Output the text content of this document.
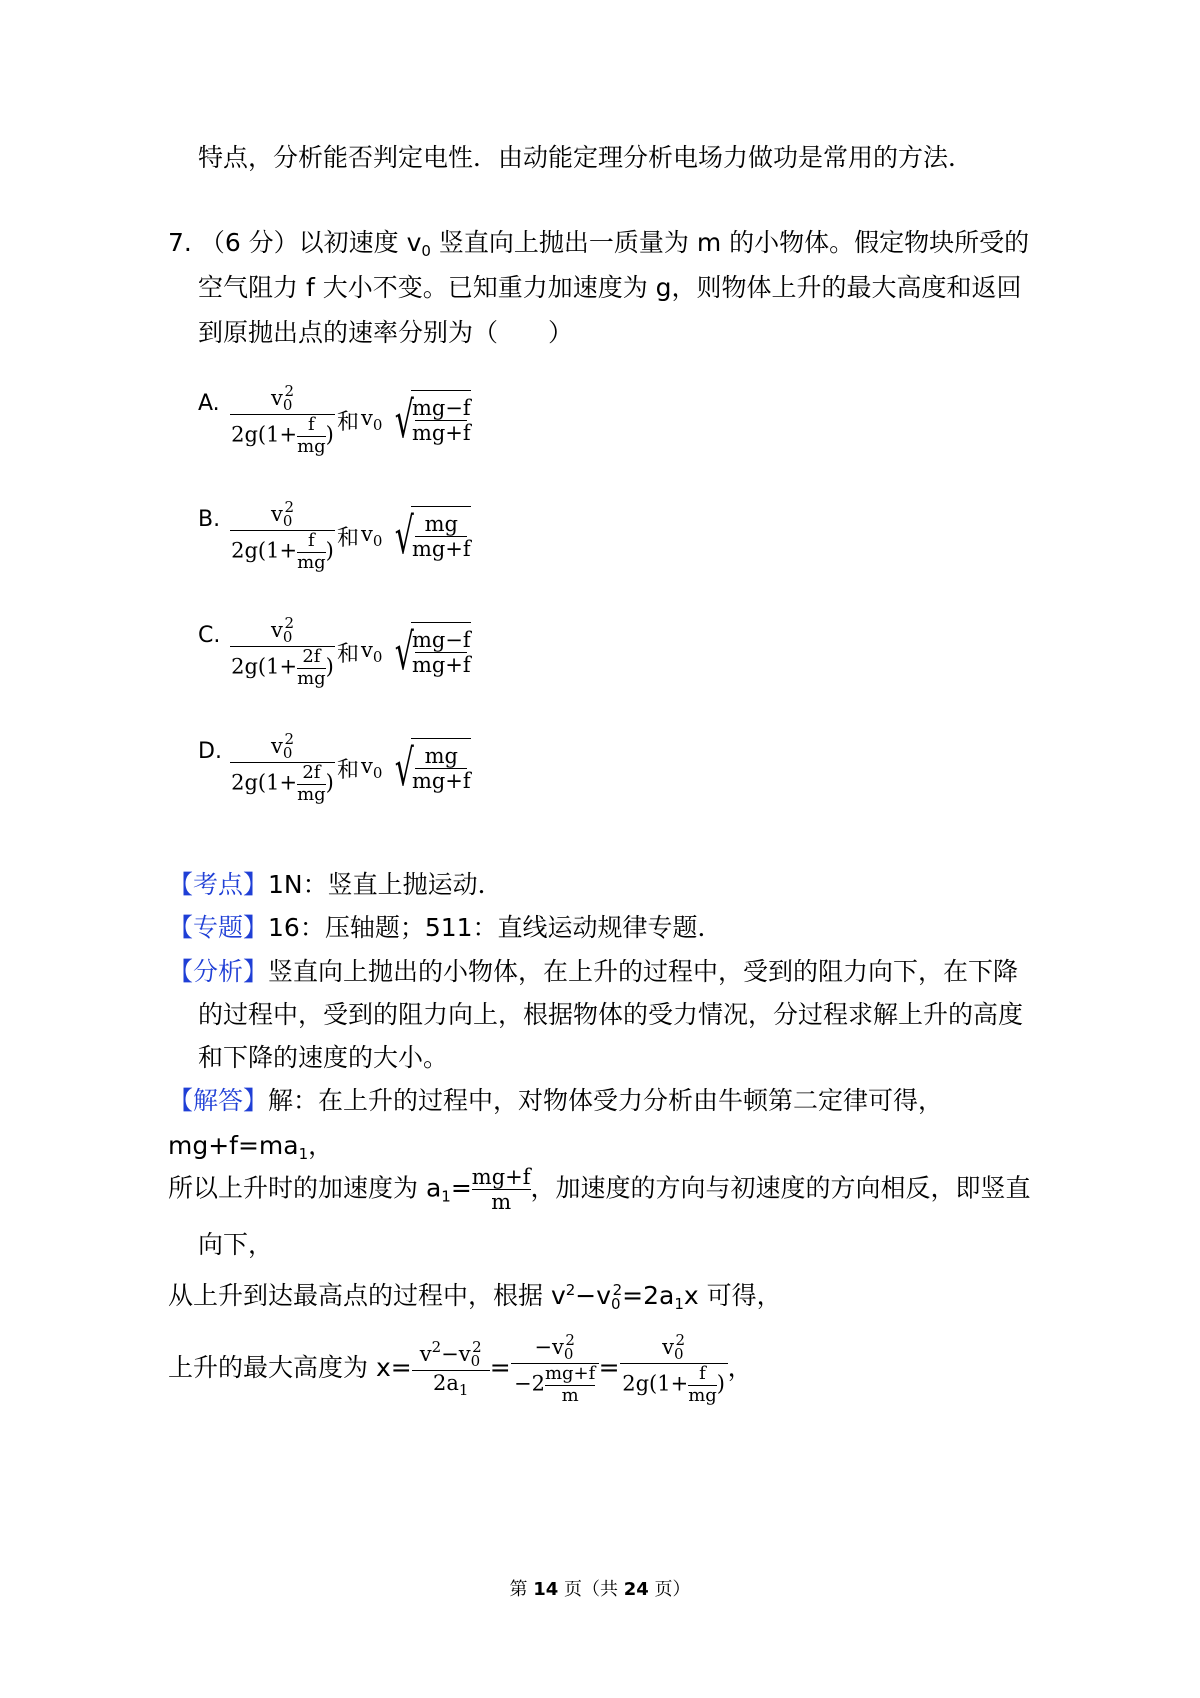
特点，分析能否判定电性．由动能定理分析电场力做功是常用的方法．
7. （6 分）以初速度 $v_0$ 竖直向上抛出一质量为 m 的小物体。假定物块所受的
空气阻力 f 大小不变。已知重力加速度为 g，则物体上升的最大高度和返回
到原抛出点的速率分别为（　　）
A. $\frac{v_0^2}{2g(1+ \frac{f}{mg} )}$ 和 $v_0$ √ $\frac{mg-f}{mg+f}$
B. $\frac{v_0^2}{2g(1+ \frac{f}{mg} )}$ 和 $v_0$ √ $\frac{mg}{mg+f}$
C. $\frac{v_0^2}{2g(1+ \frac{2f}{mg} )}$ 和 $v_0$ √ $\frac{mg-f}{mg+f}$
D. $\frac{v_0^2}{2g(1+ \frac{2f}{mg} )}$ 和 $v_0$ √ $\frac{mg}{mg+f}$
【考点】1N：竖直上抛运动．
【专题】16：压轴题；511：直线运动规律专题．
【分析】竖直向上抛出的小物体，在上升的过程中，受到的阻力向下，在下降
的过程中，受到的阻力向上，根据物体的受力情况，分过程求解上升的高度
和下降的速度的大小。
【解答】解：在上升的过程中，对物体受力分析由牛顿第二定律可得，
$mg+f=ma_1$，
所以上升时的加速度为 $a_1= \frac{mg+f}{m}$ ，加速度的方向与初速度的方向相反，即竖直
向下，
从上升到达最高点的过程中，根据 $v^2-v_0^2=2a_1x$ 可得，
上升的最大高度为 $x= \frac{v^2-v_0^2}{2a_1} = \frac{-v_0^2}{-2 \frac{mg+f}{m}} = \frac{v_0^2}{2g(1+ \frac{f}{mg} )}$ ，
第 14 页（共 24 页）
